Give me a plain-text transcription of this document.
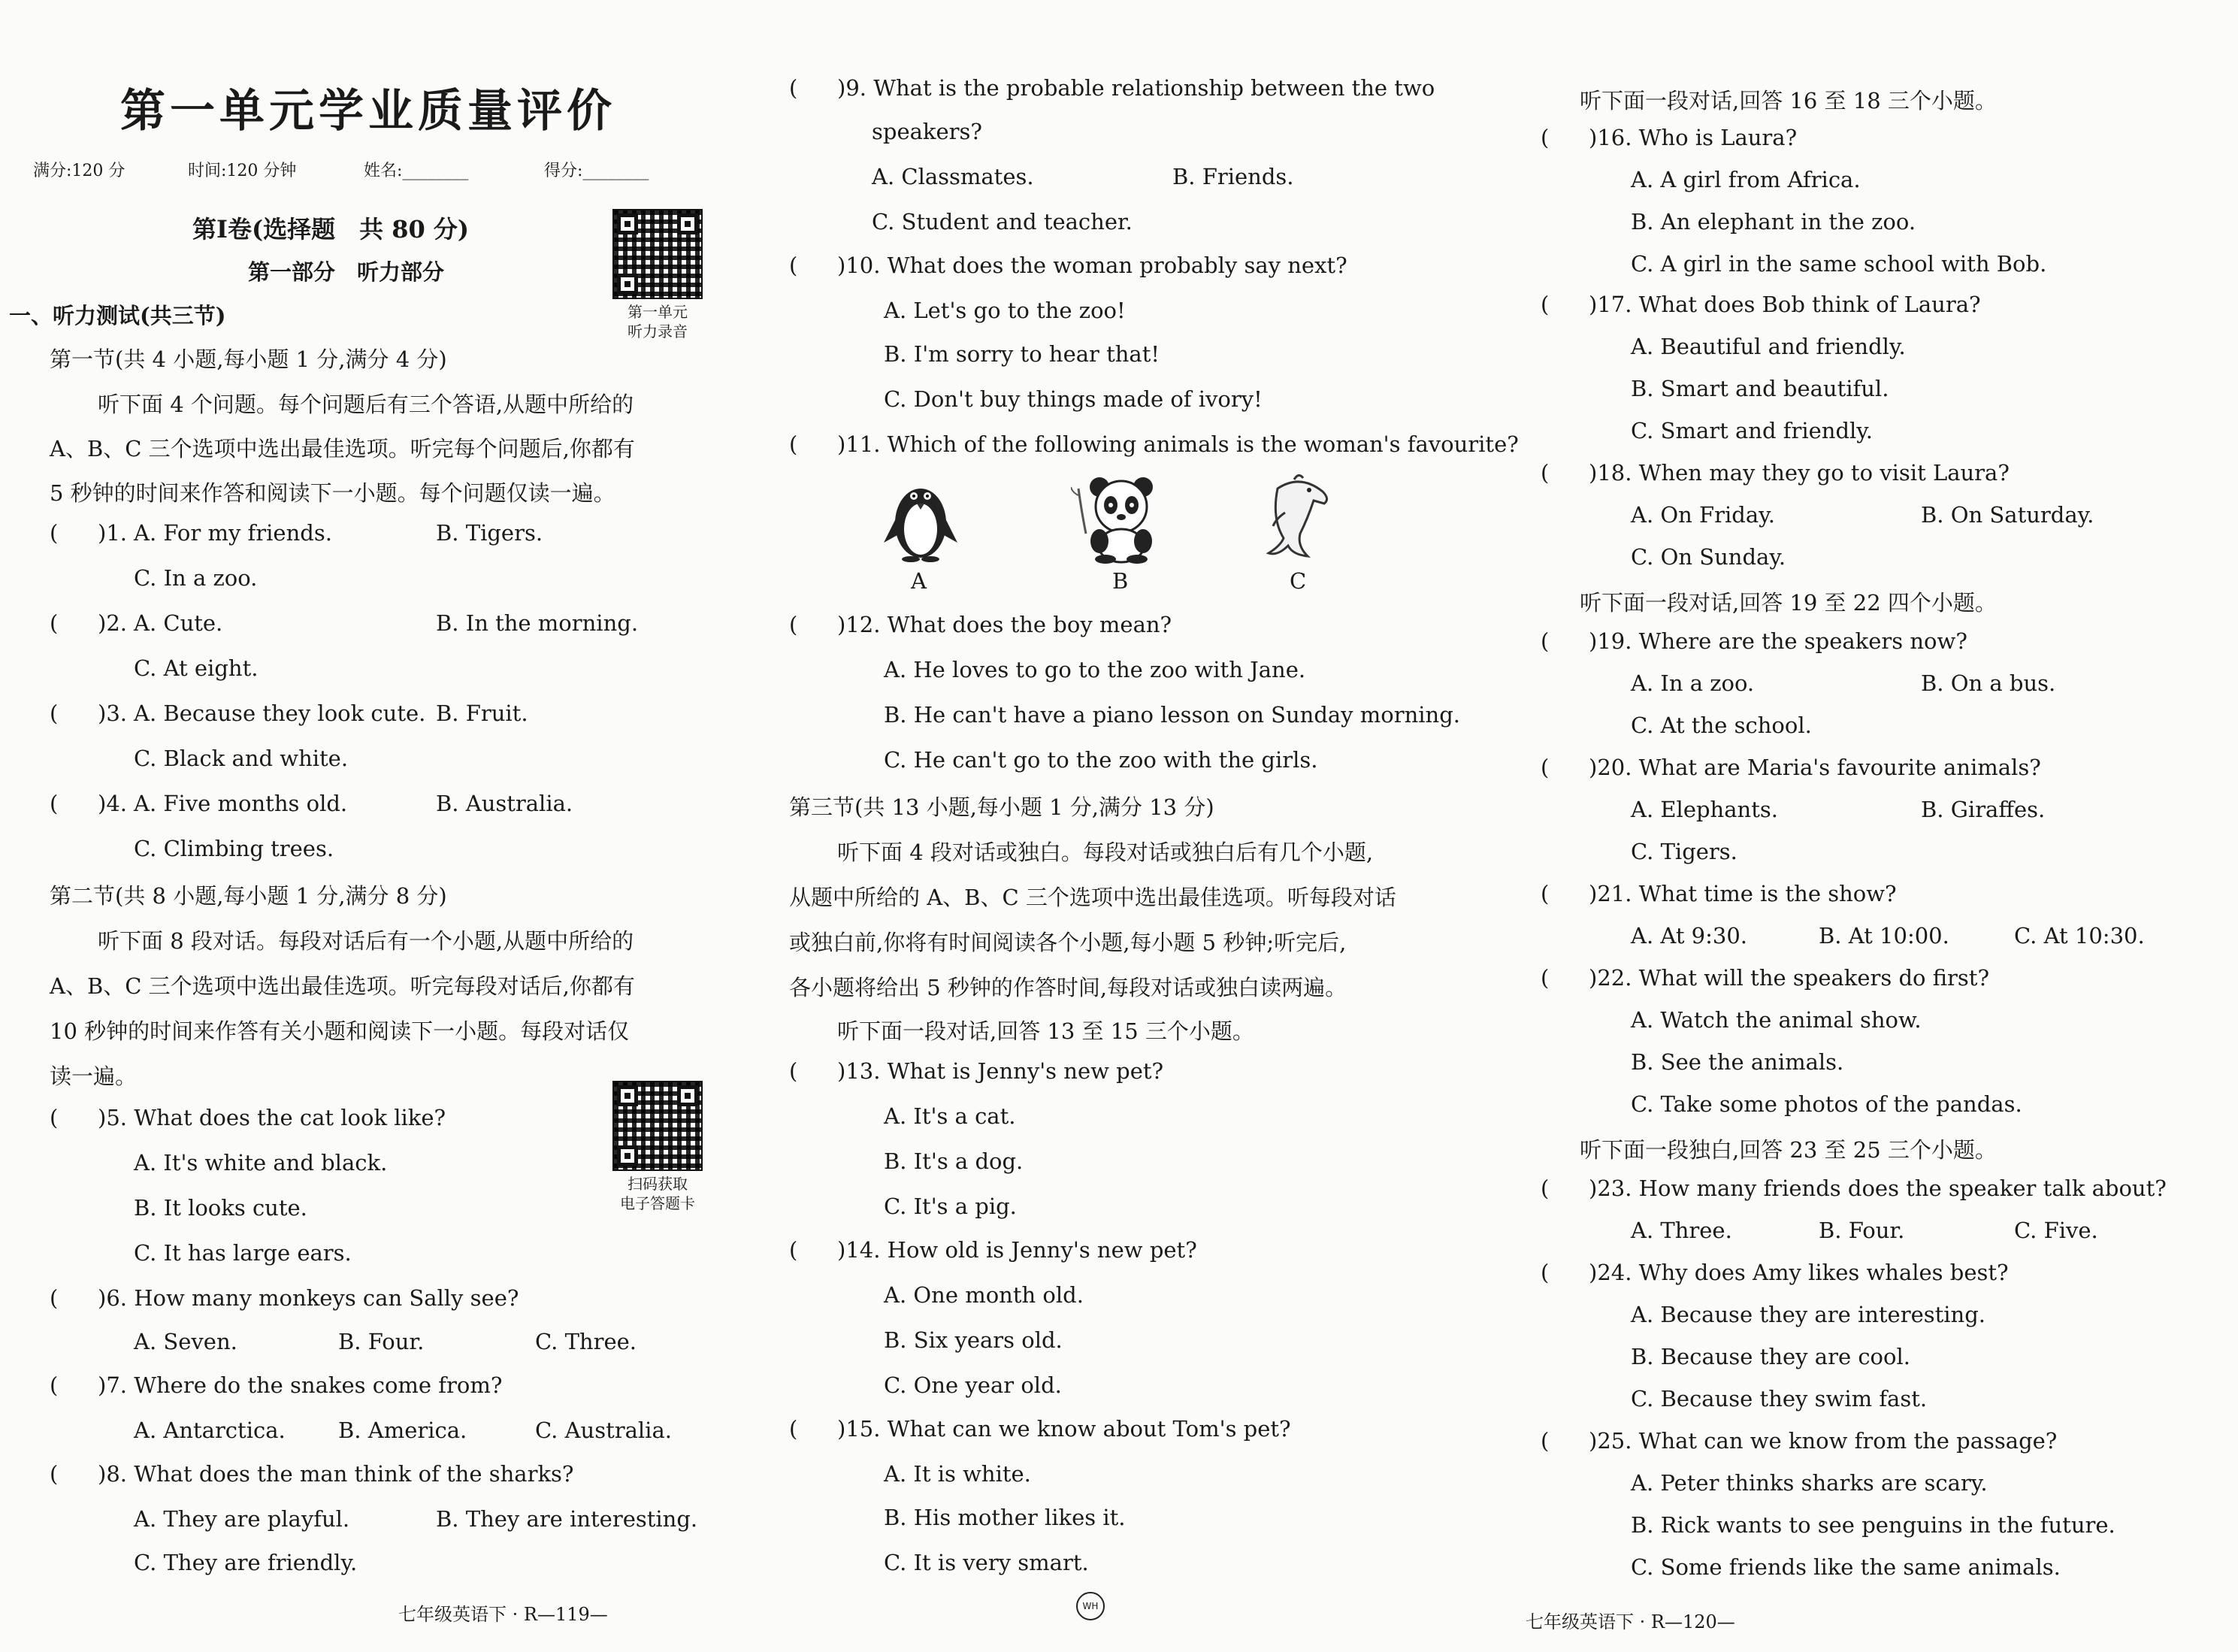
第一单元学业质量评价
满分:120 分	时间:120 分钟	姓名:________	得分:________
第Ⅰ卷(选择题　共 80 分)
第一部分　听力部分
第一单元
听力录音
一、听力测试(共三节)
第一节(共 4 小题,每小题 1 分,满分 4 分)
听下面 4 个问题。每个问题后有三个答语,从题中所给的
A、B、C 三个选项中选出最佳选项。听完每个问题后,你都有
5 秒钟的时间来作答和阅读下一小题。每个问题仅读一遍。
( )1. A. For my friends.	B. Tigers.
C. In a zoo.
( )2. A. Cute.	B. In the morning.
C. At eight.
( )3. A. Because they look cute. B. Fruit.
C. Black and white.
( )4. A. Five months old.	B. Australia.
C. Climbing trees.
第二节(共 8 小题,每小题 1 分,满分 8 分)
听下面 8 段对话。每段对话后有一个小题,从题中所给的
A、B、C 三个选项中选出最佳选项。听完每段对话后,你都有
10 秒钟的时间来作答有关小题和阅读下一小题。每段对话仅
读一遍。
扫码获取
电子答题卡
( )5. What does the cat look like?
A. It's white and black.
B. It looks cute.
C. It has large ears.
( )6. How many monkeys can Sally see?
A. Seven.	B. Four.	C. Three.
( )7. Where do the snakes come from?
A. Antarctica. B. America.	C. Australia.
( )8. What does the man think of the sharks?
A. They are playful.	B. They are interesting.
C. They are friendly.
七年级英语下 · R—119—	WH
( )9. What is the probable relationship between the two
speakers?
A. Classmates.	B. Friends.
C. Student and teacher.
( )10. What does the woman probably say next?
A. Let's go to the zoo!
B. I'm sorry to hear that!
C. Don't buy things made of ivory!
( )11. Which of the following animals is the woman's favourite?
A	B	C
( )12. What does the boy mean?
A. He loves to go to the zoo with Jane.
B. He can't have a piano lesson on Sunday morning.
C. He can't go to the zoo with the girls.
第三节(共 13 小题,每小题 1 分,满分 13 分)
听下面 4 段对话或独白。每段对话或独白后有几个小题,
从题中所给的 A、B、C 三个选项中选出最佳选项。听每段对话
或独白前,你将有时间阅读各个小题,每小题 5 秒钟;听完后,
各小题将给出 5 秒钟的作答时间,每段对话或独白读两遍。
听下面一段对话,回答 13 至 15 三个小题。
( )13. What is Jenny's new pet?
A. It's a cat.
B. It's a dog.
C. It's a pig.
( )14. How old is Jenny's new pet?
A. One month old.
B. Six years old.
C. One year old.
( )15. What can we know about Tom's pet?
A. It is white.
B. His mother likes it.
C. It is very smart.
听下面一段对话,回答 16 至 18 三个小题。
( )16. Who is Laura?
A. A girl from Africa.
B. An elephant in the zoo.
C. A girl in the same school with Bob.
( )17. What does Bob think of Laura?
A. Beautiful and friendly.
B. Smart and beautiful.
C. Smart and friendly.
( )18. When may they go to visit Laura?
A. On Friday.	B. On Saturday.
C. On Sunday.
听下面一段对话,回答 19 至 22 四个小题。
( )19. Where are the speakers now?
A. In a zoo.	B. On a bus.
C. At the school.
( )20. What are Maria's favourite animals?
A. Elephants.	B. Giraffes.
C. Tigers.
( )21. What time is the show?
A. At 9:30.	B. At 10:00.	C. At 10:30.
( )22. What will the speakers do first?
A. Watch the animal show.
B. See the animals.
C. Take some photos of the pandas.
听下面一段独白,回答 23 至 25 三个小题。
( )23. How many friends does the speaker talk about?
A. Three.	B. Four.	C. Five.
( )24. Why does Amy likes whales best?
A. Because they are interesting.
B. Because they are cool.
C. Because they swim fast.
( )25. What can we know from the passage?
A. Peter thinks sharks are scary.
B. Rick wants to see penguins in the future.
C. Some friends like the same animals.
七年级英语下 · R—120—
